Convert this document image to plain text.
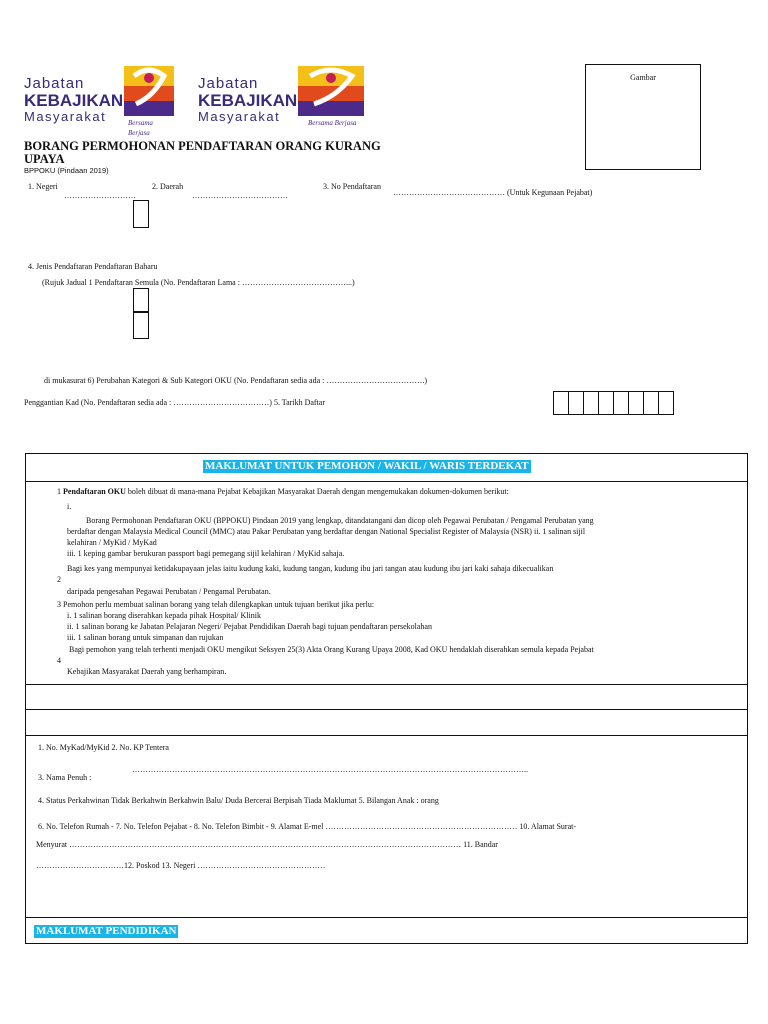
Jabatan
KEBAJIKAN
Masyarakat	Bersama Berjasa
Jabatan
KEBAJIKAN
Masyarakat	Bersama Berjasa
Gambar
BORANG PERMOHONAN PENDAFTARAN ORANG KURANG
UPAYA
BPPOKU (Pindaan 2019)
1. Negeri
………………………
2. Daerah
………………………………
3. No Pendaftaran
…………………………………… (Untuk Kegunaan Pejabat)
4. Jenis Pendaftaran Pendaftaran Baharu
(Rujuk Jadual 1 Pendaftaran Semula (No. Pendaftaran Lama : …………………………………...)
di mukasurat 6) Perubahan Kategori & Sub Kategori OKU (No. Pendaftaran sedia ada : ……………………………….)
Penggantian Kad (No. Pendaftaran sedia ada : ………………………………) 5. Tarikh Daftar
MAKLUMAT UNTUK PEMOHON / WAKIL / WARIS TERDEKAT
1 Pendaftaran OKU boleh dibuat di mana-mana Pejabat Kebajikan Masyarakat Daerah dengan mengemukakan dokumen-dokumen berikut:
i.
Borang Permohonan Pendaftaran OKU (BPPOKU) Pindaan 2019 yang lengkap, ditandatangani dan dicop oleh Pegawai Perubatan / Pengamal Perubatan yang
berdaftar dengan Malaysia Medical Council (MMC) atau Pakar Perubatan yang berdaftar dengan National Specialist Register of Malaysia (NSR) ii. 1 salinan sijil
kelahiran / MyKid / MyKad
iii. 1 keping gambar berukuran passport bagi pemegang sijil kelahiran / MyKid sahaja.
Bagi kes yang mempunyai ketidakupayaan jelas iaitu kudung kaki, kudung tangan, kudung ibu jari tangan atau kudung ibu jari kaki sahaja dikecualikan
2
daripada pengesahan Pegawai Perubatan / Pengamal Perubatan.
3 Pemohon perlu membuat salinan borang yang telah dilengkapkan untuk tujuan berikut jika perlu:
i. 1 salinan borang diserahkan kepada pihak Hospital/ Klinik
ii. 1 salinan borang ke Jabatan Pelajaran Negeri/ Pejabat Pendidikan Daerah bagi tujuan pendaftaran persekolahan
iii. 1 salinan borang untuk simpanan dan rujukan
Bagi pemohon yang telah terhenti menjadi OKU mengikut Seksyen 25(3) Akta Orang Kurang Upaya 2008, Kad OKU hendaklah diserahkan semula kepada Pejabat
4
Kebajikan Masyarakat Daerah yang berhampiran.
1. No. MyKad/MyKid 2. No. KP Tentera
…………………………………………………………………………………………………………………………………..
3. Nama Penuh :
4. Status Perkahwinan Tidak Berkahwin Berkahwin Balu/ Duda Bercerai Berpisah Tiada Maklumat 5. Bilangan Anak : orang
6. No. Telefon Rumah - 7. No. Telefon Pejabat - 8. No. Telefon Bimbit - 9. Alamat E-mel ……………………………………………………………… 10. Alamat Surat-
Menyurat ………………………………………………………………………………………………………………………………… 11. Bandar
……………………………12. Poskod 13. Negeri …………………………………………
MAKLUMAT PENDIDIKAN
